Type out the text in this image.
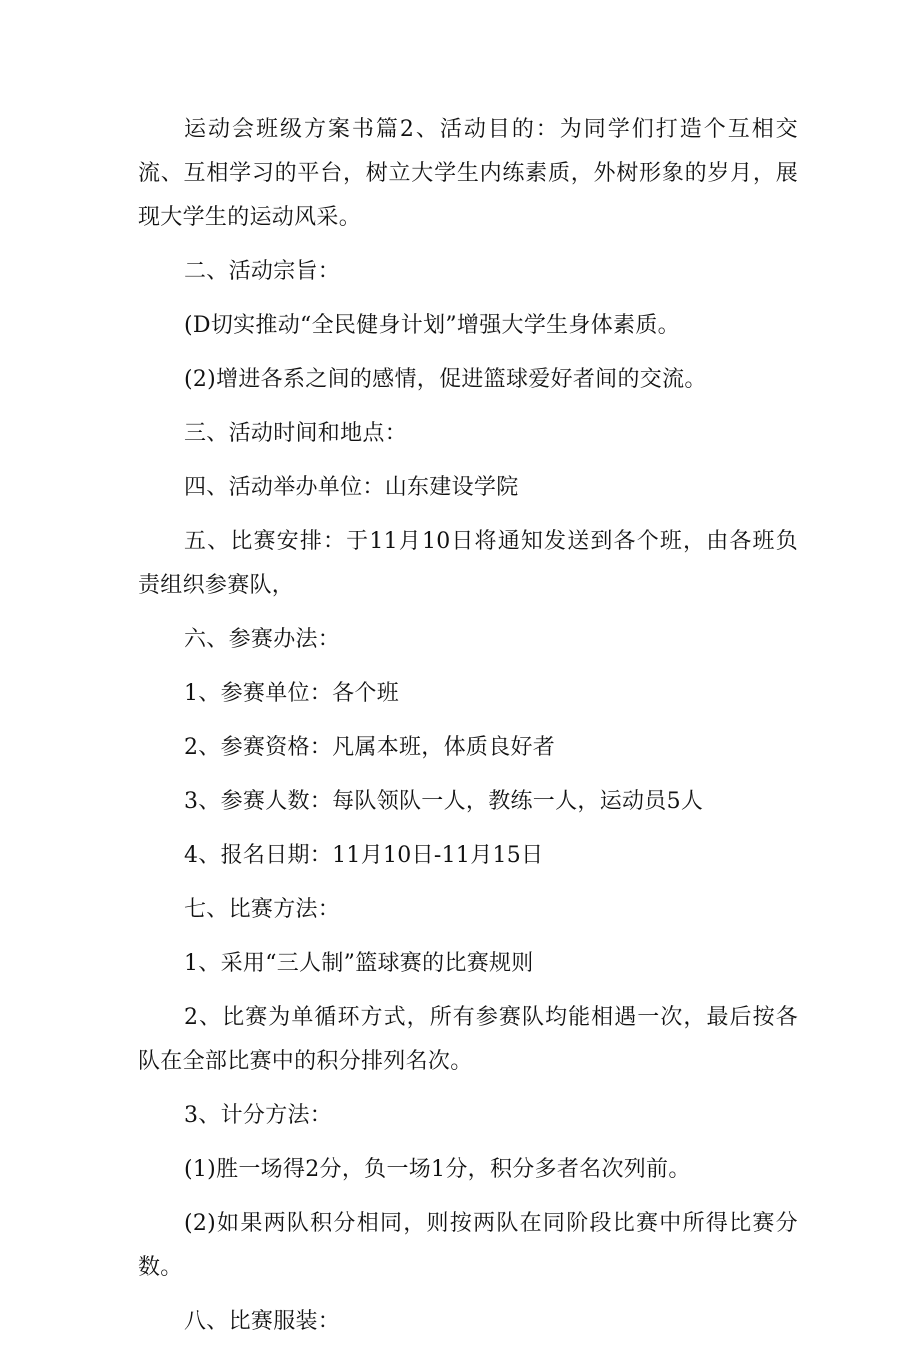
运动会班级方案书篇2、活动目的：为同学们打造个互相交流、互相学习的平台，树立大学生内练素质，外树形象的岁月，展现大学生的运动风采。

二、活动宗旨：

(D切实推动“全民健身计划”增强大学生身体素质。

(2)增进各系之间的感情，促进篮球爱好者间的交流。

三、活动时间和地点：

四、活动举办单位：山东建设学院

五、比赛安排：于11月10日将通知发送到各个班，由各班负责组织参赛队，

六、参赛办法：

1、参赛单位：各个班

2、参赛资格：凡属本班，体质良好者

3、参赛人数：每队领队一人，教练一人，运动员5人

4、报名日期：11月10日-11月15日

七、比赛方法：

1、采用“三人制”篮球赛的比赛规则

2、比赛为单循环方式，所有参赛队均能相遇一次，最后按各队在全部比赛中的积分排列名次。

3、计分方法：

(1)胜一场得2分，负一场1分，积分多者名次列前。

(2)如果两队积分相同，则按两队在同阶段比赛中所得比赛分数。

八、比赛服装：
